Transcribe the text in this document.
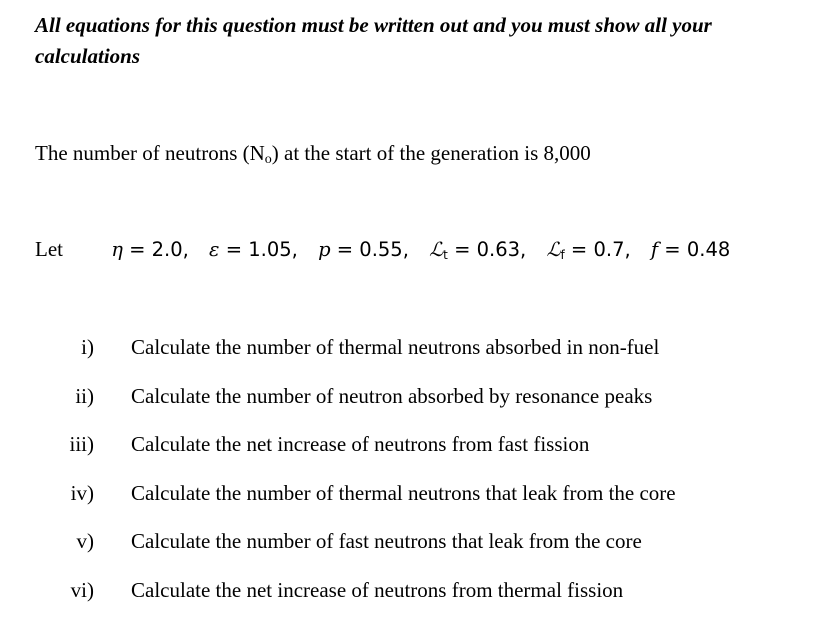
All equations for this question must be written out and you must show all your calculations
The number of neutrons $(N_o)$ at the start of the generation is 8,000
Let η = 2.0, ε = 1.05, p = 0.55, ℒ$_t$ = 0.63, ℒ$_f$ = 0.7, f = 0.48
i) Calculate the number of thermal neutrons absorbed in non-fuel
ii) Calculate the number of neutron absorbed by resonance peaks
iii) Calculate the net increase of neutrons from fast fission
iv) Calculate the number of thermal neutrons that leak from the core
v) Calculate the number of fast neutrons that leak from the core
vi) Calculate the net increase of neutrons from thermal fission
